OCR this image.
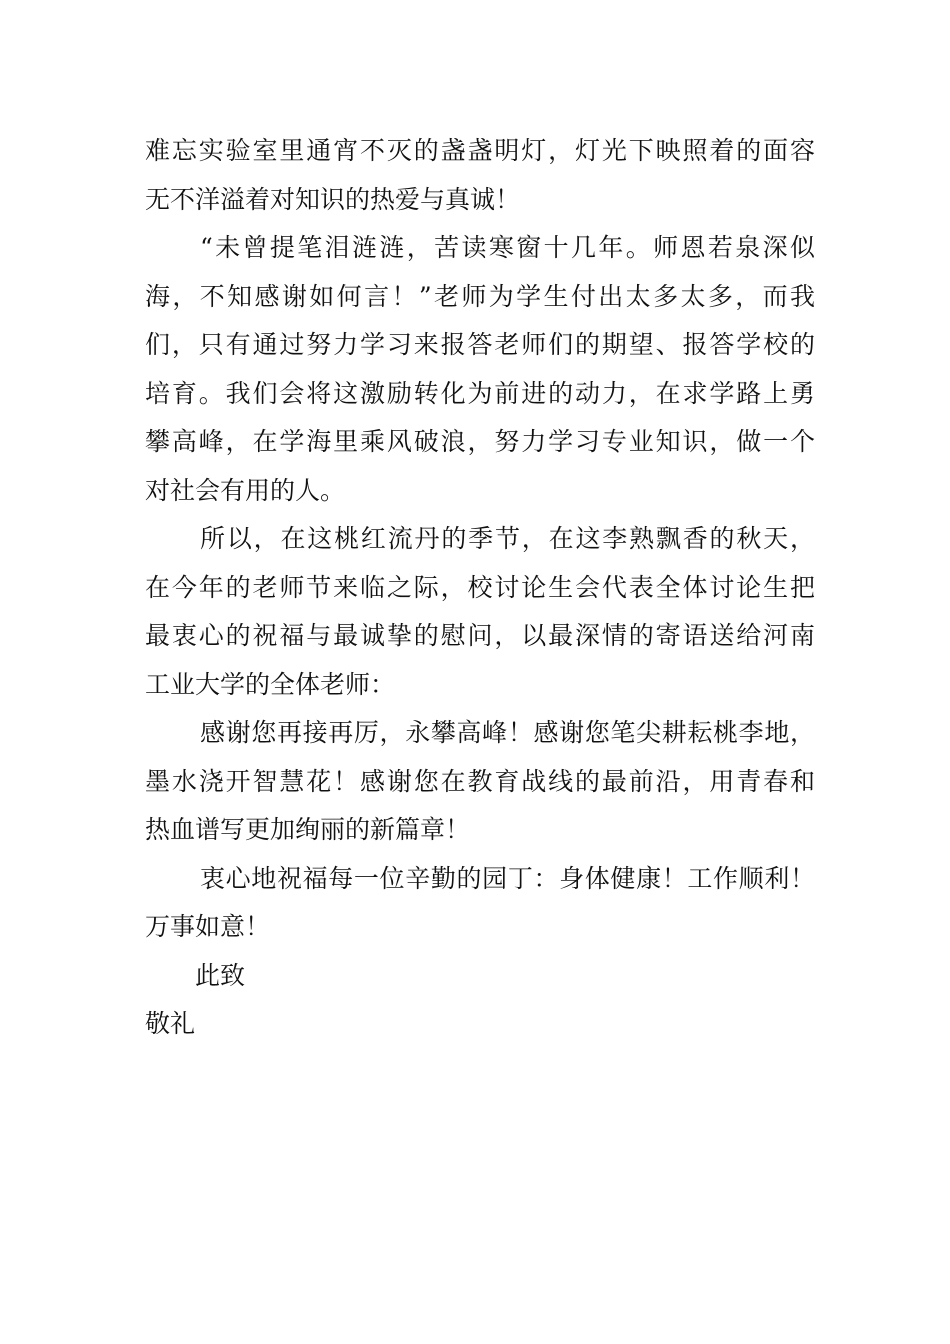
难忘实验室里通宵不灭的盏盏明灯，灯光下映照着的面容
无不洋溢着对知识的热爱与真诚！
“未曾提笔泪涟涟，苦读寒窗十几年。师恩若泉深似
海，不知感谢如何言！”老师为学生付出太多太多，而我
们，只有通过努力学习来报答老师们的期望、报答学校的
培育。我们会将这激励转化为前进的动力，在求学路上勇
攀高峰，在学海里乘风破浪，努力学习专业知识，做一个
对社会有用的人。
所以，在这桃红流丹的季节，在这李熟飘香的秋天，
在今年的老师节来临之际，校讨论生会代表全体讨论生把
最衷心的祝福与最诚挚的慰问，以最深情的寄语送给河南
工业大学的全体老师：
感谢您再接再厉，永攀高峰！感谢您笔尖耕耘桃李地，
墨水浇开智慧花！感谢您在教育战线的最前沿，用青春和
热血谱写更加绚丽的新篇章！
衷心地祝福每一位辛勤的园丁：身体健康！工作顺利！
万事如意！
此致
敬礼
